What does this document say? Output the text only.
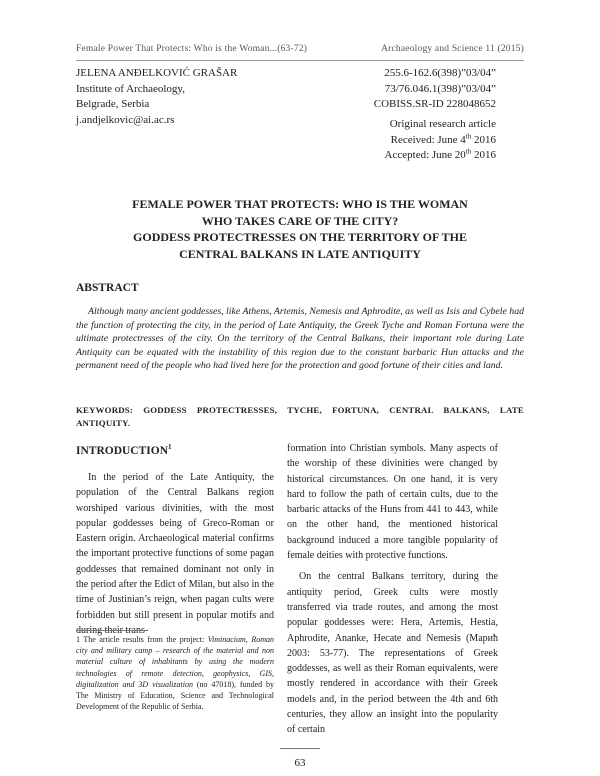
Female Power That Protects: Who is the Woman...(63-72)	Archaeology and Science 11 (2015)
JELENA ANĐELKOVIĆ GRAŠAR
Institute of Archaeology,
Belgrade, Serbia
j.andjelkovic@ai.ac.rs
255.6-162.6(398)”03/04”
73/76.046.1(398)”03/04”
COBISS.SR-ID 228048652
Original research article
Received: June 4th 2016
Accepted: June 20th 2016
FEMALE POWER THAT PROTECTS: WHO IS THE WOMAN
WHO TAKES CARE OF THE CITY?
GODDESS PROTECTRESSES ON THE TERRITORY OF THE
CENTRAL BALKANS IN LATE ANTIQUITY
ABSTRACT
Although many ancient goddesses, like Athens, Artemis, Nemesis and Aphrodite, as well as Isis and Cybele had the function of protecting the city, in the period of Late Antiquity, the Greek Tyche and Roman Fortuna were the ultimate protectresses of the city. On the territory of the Central Balkans, their important role during Late Antiquity can be equated with the instability of this region due to the constant barbaric Hun attacks and the permanent need of the people who had lived here for the protection and good fortune of their cities and land.
KEYWORDS: GODDESS PROTECTRESSES, TYCHE, FORTUNA, CENTRAL BALKANS, LATE ANTIQUITY.
INTRODUCTION$^1$

In the period of the Late Antiquity, the population of the Central Balkans region worshiped various divinities, with the most popular goddesses being of Greco-Roman or Eastern origin. Archaeological material confirms the important protective functions of some pagan goddesses that remained dominant not only in the period after the Edict of Milan, but also in the time of Justinian’s reign, when pagan cults were forbidden but still present in popular motifs and during their trans-

formation into Christian symbols. Many aspects of the worship of these divinities were changed by historical circumstances. On one hand, it is very hard to follow the path of certain cults, due to the barbaric attacks of the Huns from 441 to 443, while on the other hand, the mentioned historical background induced a more tangible popularity of female deities with protective functions.

On the central Balkans territory, during the antiquity period, Greek cults were mostly transferred via trade routes, and among the most popular goddesses were: Hera, Artemis, Hestia, Aphrodite, Ananke, Hecate and Nemesis (Марић 2003: 53-77). The representations of Greek goddesses, as well as their Roman equivalents, were mostly rendered in accordance with their Greek models and, in the period between the 4th and 6th centuries, they allow an insight into the popularity of certain

1 The article results from the project: Viminacium, Roman city and military camp – research of the material and non material culture of inhabitants by using the modern technologies of remote detection, geophysics, GIS, digitalization and 3D visualization (no 47018), funded by The Ministry of Education, Science and Technological Development of the Republic of Serbia.
63
